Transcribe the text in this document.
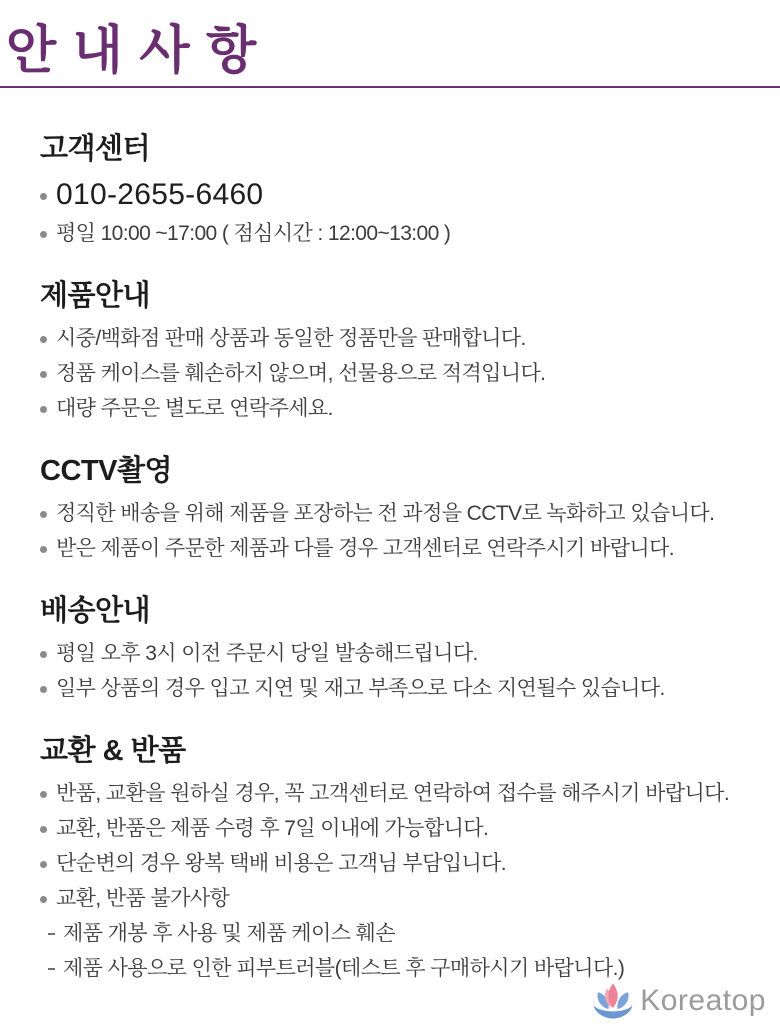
안 내 사 항
고객센터
010-2655-6460
평일 10:00 ~17:00 ( 점심시간 : 12:00~13:00 )
제품안내
시중/백화점 판매 상품과 동일한 정품만을 판매합니다.
정품 케이스를 훼손하지 않으며, 선물용으로 적격입니다.
대량 주문은 별도로 연락주세요.
CCTV촬영
정직한 배송을 위해 제품을 포장하는 전 과정을 CCTV로 녹화하고 있습니다.
받은 제품이 주문한 제품과 다를 경우 고객센터로 연락주시기 바랍니다.
배송안내
평일 오후 3시 이전 주문시 당일 발송해드립니다.
일부 상품의 경우 입고 지연 및 재고 부족으로 다소 지연될수 있습니다.
교환 & 반품
반품, 교환을 원하실 경우, 꼭 고객센터로 연락하여 접수를 해주시기 바랍니다.
교환, 반품은 제품 수령 후 7일 이내에 가능합니다.
단순변의 경우 왕복 택배 비용은 고객님 부담입니다.
교환, 반품 불가사항
제품 개봉 후 사용 및 제품 케이스 훼손
제품 사용으로 인한 피부트러블(테스트 후 구매하시기 바랍니다.)
Koreatop
